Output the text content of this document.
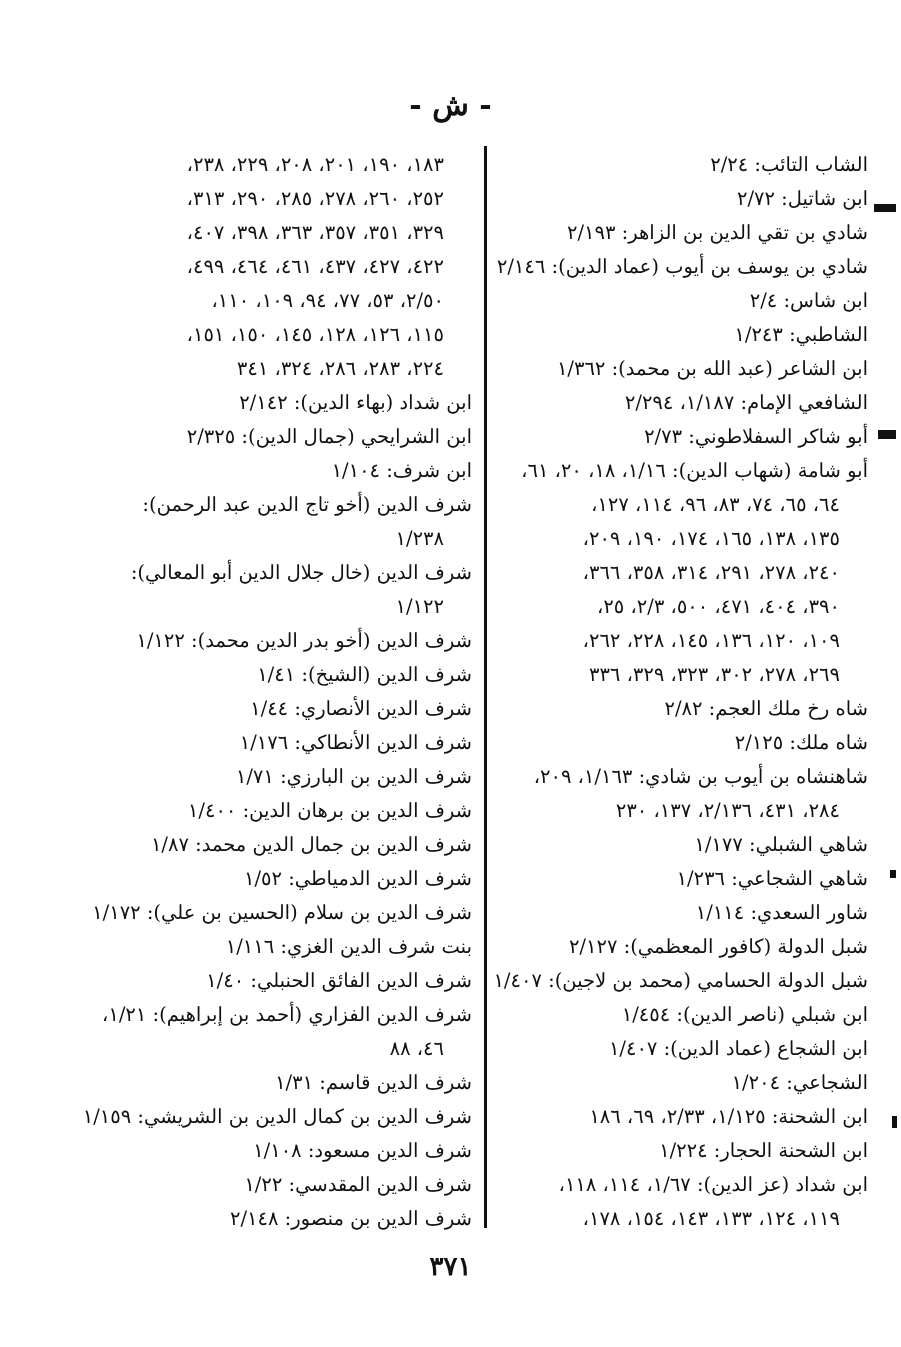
- ش -
الشاب التائب: ٢/٢٤
ابن شاتيل: ٢/٧٢
شادي بن تقي الدين بن الزاهر: ٢/١٩٣
شادي بن يوسف بن أيوب (عماد الدين): ٢/١٤٦
ابن شاس: ٢/٤
الشاطبي: ١/٢٤٣
ابن الشاعر (عبد الله بن محمد): ١/٣٦٢
الشافعي الإمام: ١/١٨٧، ٢/٢٩٤
أبو شاكر السفلاطوني: ٢/٧٣
أبو شامة (شهاب الدين): ١/١٦، ١٨، ٢٠، ٦١،
٦٤، ٦٥، ٧٤، ٨٣، ٩٦، ١١٤، ١٢٧،
١٣٥، ١٣٨، ١٦٥، ١٧٤، ١٩٠، ٢٠٩،
٢٤٠، ٢٧٨، ٢٩١، ٣١٤، ٣٥٨، ٣٦٦،
٣٩٠، ٤٠٤، ٤٧١، ٥٠٠، ٢/٣، ٢٥،
١٠٩، ١٢٠، ١٣٦، ١٤٥، ٢٢٨، ٢٦٢،
٢٦٩، ٢٧٨، ٣٠٢، ٣٢٣، ٣٢٩، ٣٣٦
شاه رخ ملك العجم: ٢/٨٢
شاه ملك: ٢/١٢٥
شاهنشاه بن أيوب بن شادي: ١/١٦٣، ٢٠٩،
٢٨٤، ٤٣١، ٢/١٣٦، ١٣٧، ٢٣٠
شاهي الشبلي: ١/١٧٧
شاهي الشجاعي: ١/٢٣٦
شاور السعدي: ١/١١٤
شبل الدولة (كافور المعظمي): ٢/١٢٧
شبل الدولة الحسامي (محمد بن لاجين): ١/٤٠٧
ابن شبلي (ناصر الدين): ١/٤٥٤
ابن الشجاع (عماد الدين): ١/٤٠٧
الشجاعي: ١/٢٠٤
ابن الشحنة: ١/١٢٥، ٢/٣٣، ٦٩، ١٨٦
ابن الشحنة الحجار: ١/٢٢٤
ابن شداد (عز الدين): ١/٦٧، ١١٤، ١١٨،
١١٩، ١٢٤، ١٣٣، ١٤٣، ١٥٤، ١٧٨،
١٨٣، ١٩٠، ٢٠١، ٢٠٨، ٢٢٩، ٢٣٨،
٢٥٢، ٢٦٠، ٢٧٨، ٢٨٥، ٢٩٠، ٣١٣،
٣٢٩، ٣٥١، ٣٥٧، ٣٦٣، ٣٩٨، ٤٠٧،
٤٢٢، ٤٢٧، ٤٣٧، ٤٦١، ٤٦٤، ٤٩٩،
٢/٥٠، ٥٣، ٧٧، ٩٤، ١٠٩، ١١٠،
١١٥، ١٢٦، ١٢٨، ١٤٥، ١٥٠، ١٥١،
٢٢٤، ٢٨٣، ٢٨٦، ٣٢٤، ٣٤١
ابن شداد (بهاء الدين): ٢/١٤٢
ابن الشرايحي (جمال الدين): ٢/٣٢٥
ابن شرف: ١/١٠٤
شرف الدين (أخو تاج الدين عبد الرحمن):
١/٢٣٨
شرف الدين (خال جلال الدين أبو المعالي):
١/١٢٢
شرف الدين (أخو بدر الدين محمد): ١/١٢٢
شرف الدين (الشيخ): ١/٤١
شرف الدين الأنصاري: ١/٤٤
شرف الدين الأنطاكي: ١/١٧٦
شرف الدين بن البارزي: ١/٧١
شرف الدين بن برهان الدين: ١/٤٠٠
شرف الدين بن جمال الدين محمد: ١/٨٧
شرف الدين الدمياطي: ١/٥٢
شرف الدين بن سلام (الحسين بن علي): ١/١٧٢
بنت شرف الدين الغزي: ١/١١٦
شرف الدين الفائق الحنبلي: ١/٤٠
شرف الدين الفزاري (أحمد بن إبراهيم): ١/٢١،
٤٦، ٨٨
شرف الدين قاسم: ١/٣١
شرف الدين بن كمال الدين بن الشريشي: ١/١٥٩
شرف الدين مسعود: ١/١٠٨
شرف الدين المقدسي: ١/٢٢
شرف الدين بن منصور: ٢/١٤٨
٣٧١
